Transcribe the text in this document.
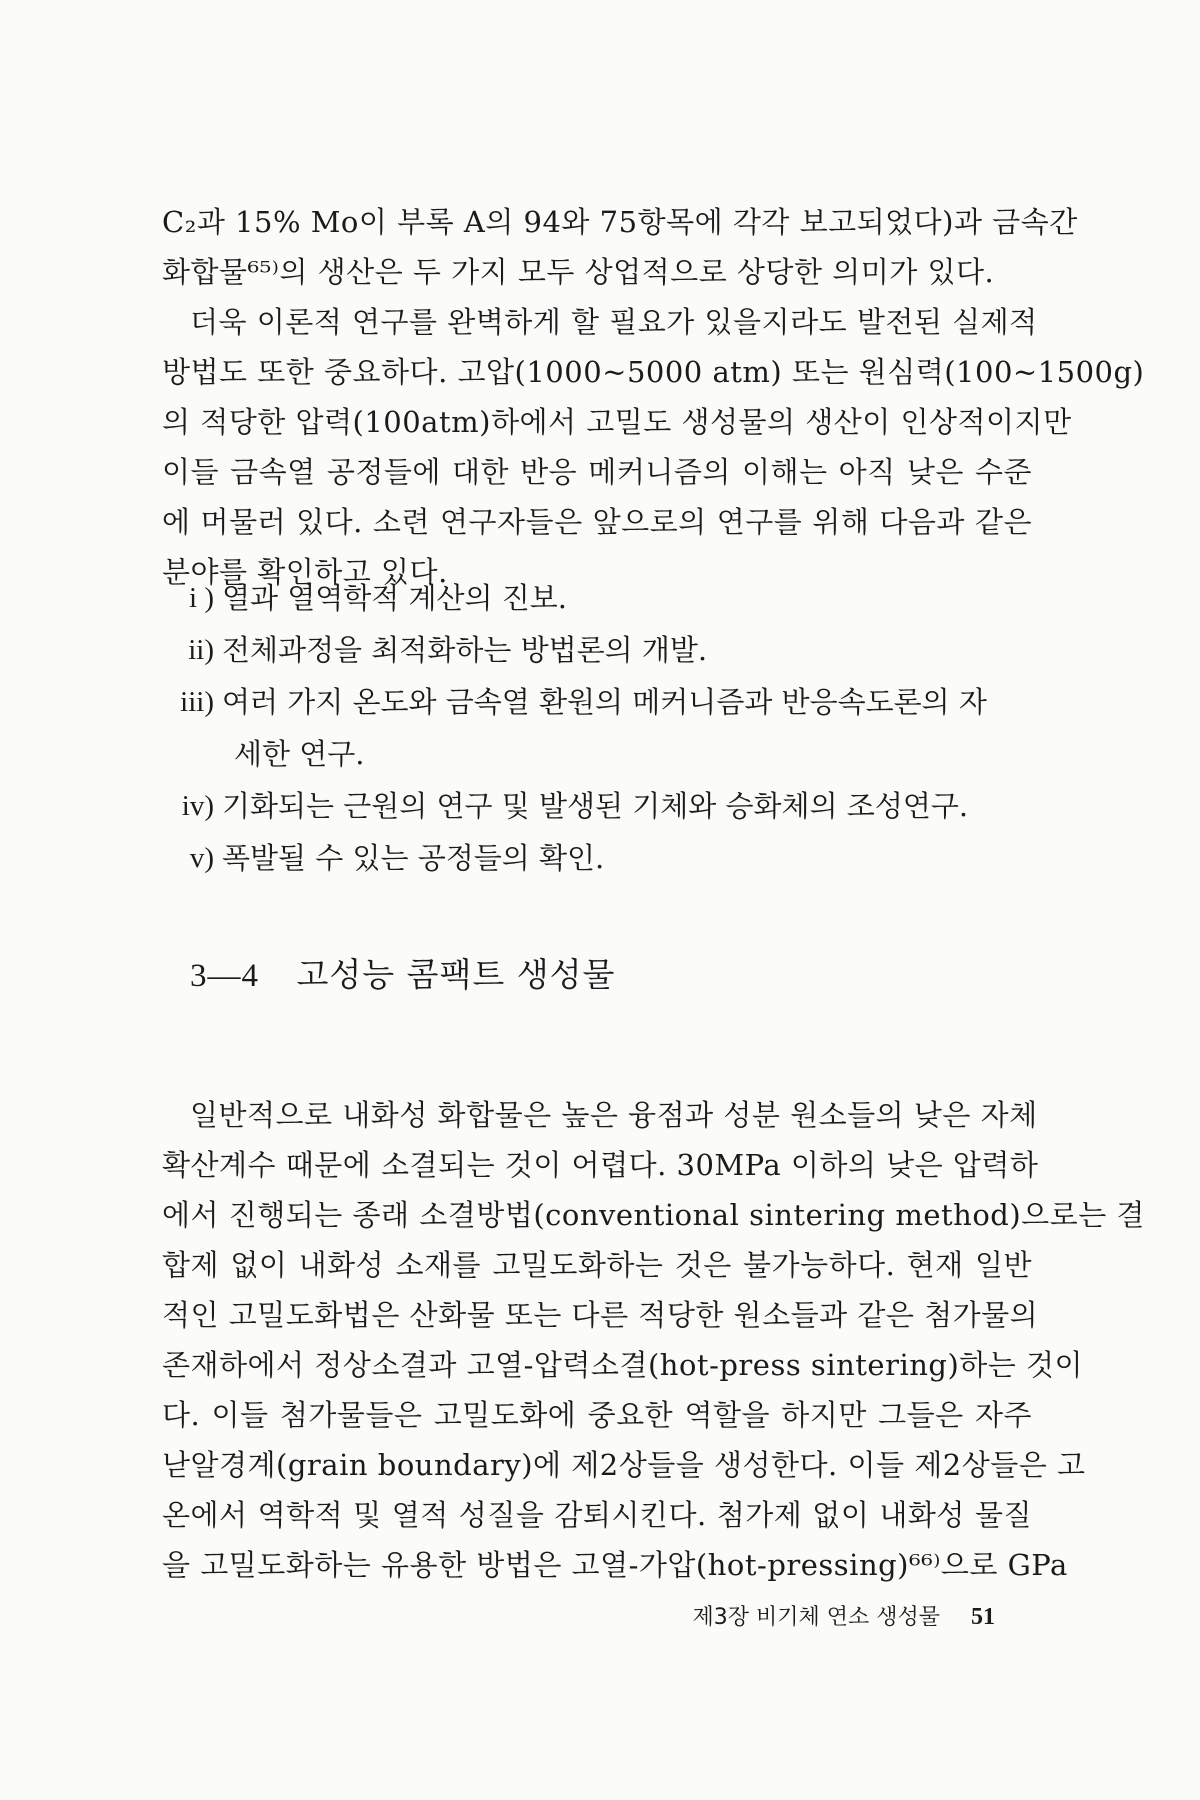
C₂과 15% Mo이 부록 A의 94와 75항목에 각각 보고되었다)과 금속간
화합물⁶⁵⁾의 생산은 두 가지 모두 상업적으로 상당한 의미가 있다.
더욱 이론적 연구를 완벽하게 할 필요가 있을지라도 발전된 실제적
방법도 또한 중요하다. 고압(1000~5000 atm) 또는 원심력(100~1500g)
의 적당한 압력(100atm)하에서 고밀도 생성물의 생산이 인상적이지만
이들 금속열 공정들에 대한 반응 메커니즘의 이해는 아직 낮은 수준
에 머물러 있다. 소련 연구자들은 앞으로의 연구를 위해 다음과 같은
분야를 확인하고 있다.
i ) 열과 열역학적 계산의 진보.
ii) 전체과정을 최적화하는 방법론의 개발.
iii) 여러 가지 온도와 금속열 환원의 메커니즘과 반응속도론의 자
세한 연구.
iv) 기화되는 근원의 연구 및 발생된 기체와 승화체의 조성연구.
v) 폭발될 수 있는 공정들의 확인.
3—4 고성능 콤팩트 생성물
일반적으로 내화성 화합물은 높은 융점과 성분 원소들의 낮은 자체
확산계수 때문에 소결되는 것이 어렵다. 30MPa 이하의 낮은 압력하
에서 진행되는 종래 소결방법(conventional sintering method)으로는 결
합제 없이 내화성 소재를 고밀도화하는 것은 불가능하다. 현재 일반
적인 고밀도화법은 산화물 또는 다른 적당한 원소들과 같은 첨가물의
존재하에서 정상소결과 고열-압력소결(hot-press sintering)하는 것이
다. 이들 첨가물들은 고밀도화에 중요한 역할을 하지만 그들은 자주
낟알경계(grain boundary)에 제2상들을 생성한다. 이들 제2상들은 고
온에서 역학적 및 열적 성질을 감퇴시킨다. 첨가제 없이 내화성 물질
을 고밀도화하는 유용한 방법은 고열-가압(hot-pressing)⁶⁶⁾으로 GPa
제3장 비기체 연소 생성물 51
